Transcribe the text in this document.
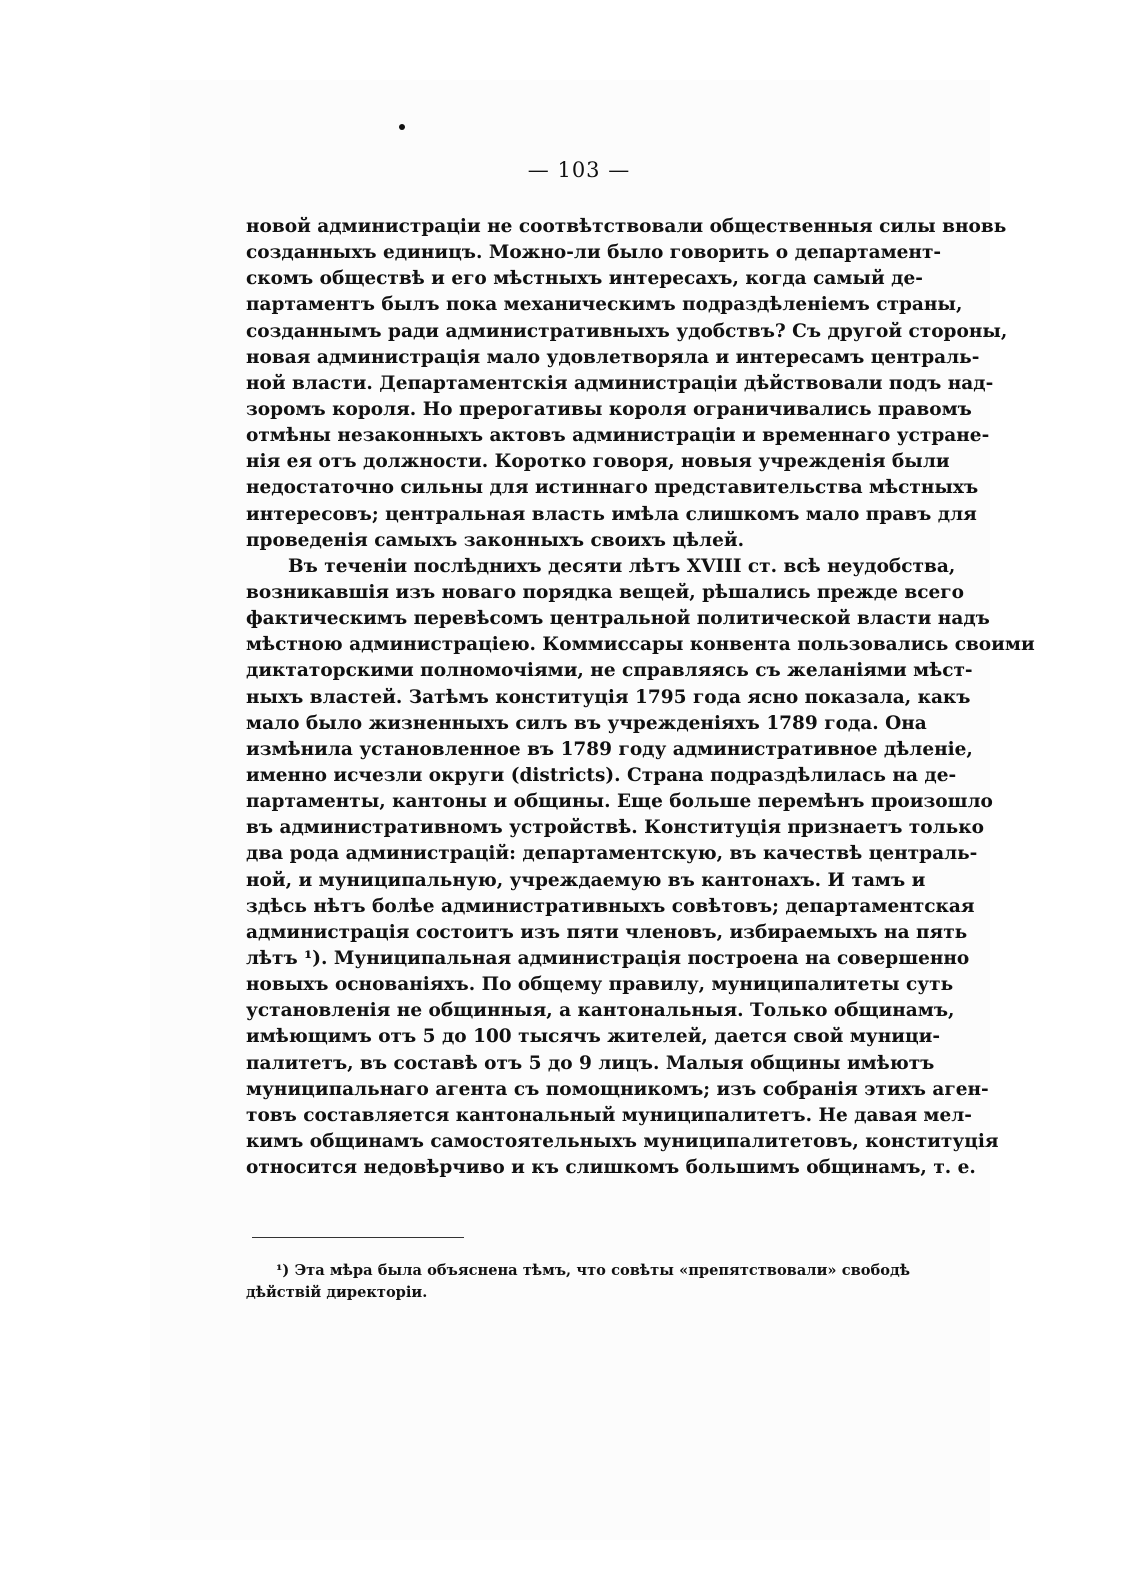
— 103 —
новой администраціи не соотвѣтствовали общественныя силы вновь
созданныхъ единицъ. Можно-ли было говорить о департамент-
скомъ обществѣ и его мѣстныхъ интересахъ, когда самый де-
партаментъ былъ пока механическимъ подраздѣленіемъ страны,
созданнымъ ради административныхъ удобствъ? Съ другой стороны,
новая администрація мало удовлетворяла и интересамъ централь-
ной власти. Департаментскія администраціи дѣйствовали подъ над-
зоромъ короля. Но прерогативы короля ограничивались правомъ
отмѣны незаконныхъ актовъ администраціи и временнаго устране-
нія ея отъ должности. Коротко говоря, новыя учрежденія были
недостаточно сильны для истиннаго представительства мѣстныхъ
интересовъ; центральная власть имѣла слишкомъ мало правъ для
проведенія самыхъ законныхъ своихъ цѣлей.
Въ теченіи послѣднихъ десяти лѣтъ XVIII ст. всѣ неудобства,
возникавшія изъ новаго порядка вещей, рѣшались прежде всего
фактическимъ перевѣсомъ центральной политической власти надъ
мѣстною администраціею. Коммиссары конвента пользовались своими
диктаторскими полномочіями, не справляясь съ желаніями мѣст-
ныхъ властей. Затѣмъ конституція 1795 года ясно показала, какъ
мало было жизненныхъ силъ въ учрежденіяхъ 1789 года. Она
измѣнила установленное въ 1789 году административное дѣленіе,
именно исчезли округи (districts). Страна подраздѣлилась на де-
партаменты, кантоны и общины. Еще больше перемѣнъ произошло
въ административномъ устройствѣ. Конституція признаетъ только
два рода администрацій: департаментскую, въ качествѣ централь-
ной, и муниципальную, учреждаемую въ кантонахъ. И тамъ и
здѣсь нѣтъ болѣе административныхъ совѣтовъ; департаментская
администрація состоитъ изъ пяти членовъ, избираемыхъ на пять
лѣтъ ¹). Муниципальная администрація построена на совершенно
новыхъ основаніяхъ. По общему правилу, муниципалитеты суть
установленія не общинныя, а кантональныя. Только общинамъ,
имѣющимъ отъ 5 до 100 тысячъ жителей, дается свой муници-
палитетъ, въ составѣ отъ 5 до 9 лицъ. Малыя общины имѣютъ
муниципальнаго агента съ помощникомъ; изъ собранія этихъ аген-
товъ составляется кантональный муниципалитетъ. Не давая мел-
кимъ общинамъ самостоятельныхъ муниципалитетовъ, конституція
относится недовѣрчиво и къ слишкомъ большимъ общинамъ, т. е.
¹) Эта мѣра была объяснена тѣмъ, что совѣты «препятствовали» свободѣ
дѣйствій директоріи.
